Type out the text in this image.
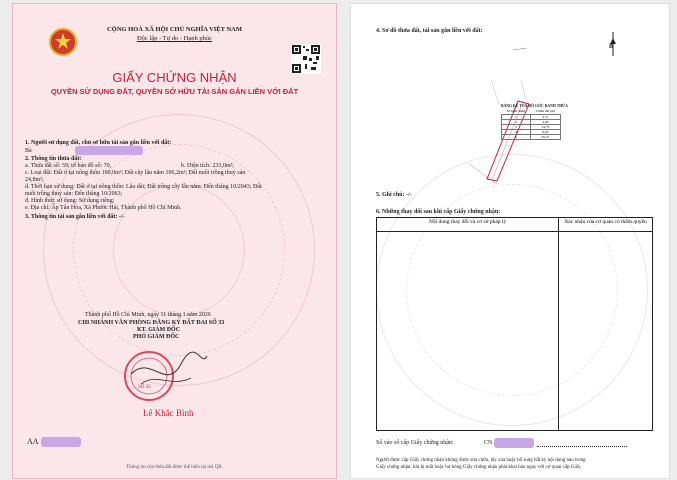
CỘNG HOÀ XÃ HỘI CHỦ NGHĨA VIỆT NAM
Độc lập - Tự do - Hạnh phúc
GIẤY CHỨNG NHẬN
QUYỀN SỬ DỤNG ĐẤT, QUYỀN SỞ HỮU TÀI SẢN GẮN LIỀN VỚI ĐẤT
1. Người sử dụng đất, chủ sở hữu tài sản gắn liền với đất:
Bà
2. Thông tin thửa đất:
a. Thửa đất số: 59; tờ bản đồ số: 70,	b. Diện tích: 233,0m²;
c. Loại đất: Đất ở tại nông thôn 100,0m²; Đất cây lâu năm 106,2m²; Đất nuôi trồng thuỷ sản
24,8m²;
d. Thời hạn sử dụng: Đất ở tại nông thôn: Lâu dài; Đất trồng cây lâu năm: Đến tháng 10/2043; Đất
nuôi trồng thuỷ sản: Đến tháng 10/2063;
đ. Hình thức sử dụng: Sử dụng riêng;
e. Địa chỉ: Ấp Tân Hòa, Xã Phước Hải, Thành phố Hồ Chí Minh.
3. Thông tin tài sản gắn liền với đất: -/-
Thành phố Hồ Chí Minh, ngày 11 tháng 1 năm 2026
CHI NHÁNH VĂN PHÒNG ĐĂNG KÝ ĐẤT ĐAI SỐ 33
KT. GIÁM ĐỐC
PHÓ GIÁM ĐỐC
SỐ 33
Lê Khắc Bình
AA
Thông tin của thửa đất được thể hiện tại mã QR.
4. Sơ đồ thửa đất, tài sản gắn liền với đất:
B
BẢNG KÊ TOẠ ĐỘ GÓC RANH THỬA
Số hiệu điểm	Chiều dài (m)
1	3,71
2	2,00
3	14,73
4	6,02
5	58,27
5. Ghi chú: -/-
6. Những thay đổi sau khi cấp Giấy chứng nhận:
Nội dung thay đổi và cơ sở pháp lý	Xác nhận của cơ quan có thẩm quyền

Số vào sổ cấp Giấy chứng nhận:	CN
Người được cấp Giấy chứng nhận không được sửa chữa, tẩy xóa hoặc bổ sung bất kỳ nội dung nào trong
Giấy chứng nhận; khi bị mất hoặc hư hỏng Giấy chứng nhận phải khai báo ngay với cơ quan cấp Giấy.
